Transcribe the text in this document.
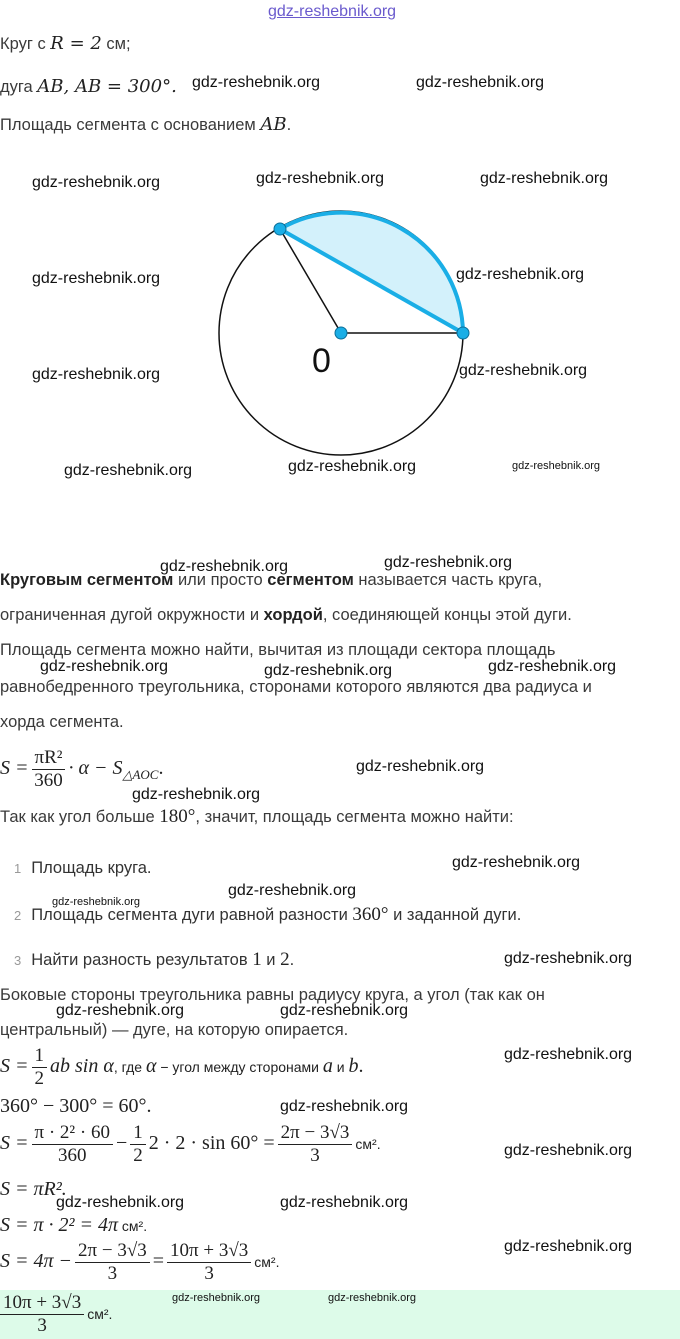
gdz-reshebnik.org
Круг с R = 2 см;
дуга AB, AB = 300°.
Площадь сегмента с основанием AB.
0
Круговым сегментом или просто сегментом называется часть круга,
ограниченная дугой окружности и хордой, соединяющей концы этой дуги.
Площадь сегмента можно найти, вычитая из площади сектора площадь
равнобедренного треугольника, сторонами которого являются два радиуса и
хорда сегмента.
$S = \frac{\text{πR²}}{360} \cdot \alpha - S_{\triangle AOC}$.
Так как угол больше 180°, значит, площадь сегмента можно найти:
1 Площадь круга.
2 Площадь сегмента дуги равной разности 360° и заданной дуги.
3 Найти разность результатов 1 и 2.
Боковые стороны треугольника равны радиусу круга, а угол (так как он
центральный) — дуге, на которую опирается.
$S = \frac{1}{2}$ ab sin α, где α − угол между сторонами a и b.
360° − 300° = 60°.
$S = \frac{\text{π · 2² · 60}}{360} - \frac{1}{2} 2 \cdot 2 \cdot \sin 60^\circ = \frac{2\pi - 3√3}{3} см^2$.
S = πR².
S = π · 2² = 4π см².
$S = 4\pi - \frac{2\pi - 3√3}{3} = \frac{10\pi + 3√3}{3} см^2$.
$\frac{10\pi + 3√3}{3} см^2$.
gdz-reshebnik.org	gdz-reshebnik.org
gdz-reshebnik.org	gdz-reshebnik.org	gdz-reshebnik.org
gdz-reshebnik.org	gdz-reshebnik.org
gdz-reshebnik.org	gdz-reshebnik.org
gdz-reshebnik.org	gdz-reshebnik.org	gdz-reshebnik.org
gdz-reshebnik.org	gdz-reshebnik.org
gdz-reshebnik.org	gdz-reshebnik.org	gdz-reshebnik.org
gdz-reshebnik.org
gdz-reshebnik.org
gdz-reshebnik.org
gdz-reshebnik.org
gdz-reshebnik.org
gdz-reshebnik.org
gdz-reshebnik.org	gdz-reshebnik.org
gdz-reshebnik.org
gdz-reshebnik.org
gdz-reshebnik.org
gdz-reshebnik.org	gdz-reshebnik.org
gdz-reshebnik.org
gdz-reshebnik.org	gdz-reshebnik.org
